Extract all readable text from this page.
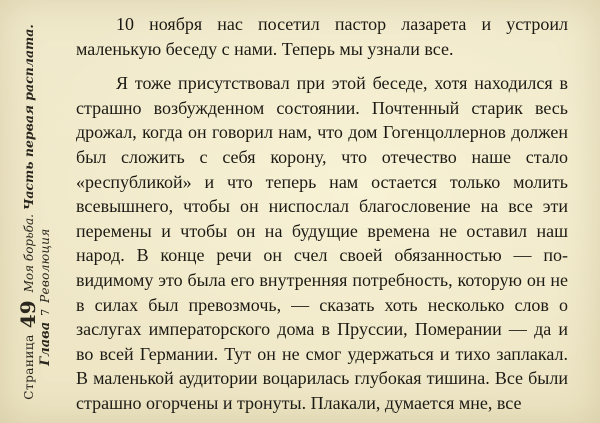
Страница 49 Моя борьба. Часть первая расплата.
Глава 7 Революция

10 ноября нас посетил пастор лазарета и устроил маленькую беседу с нами. Теперь мы узнали все.

Я тоже присутствовал при этой беседе, хотя находился в страшно возбужденном состоянии. Почтенный старик весь дрожал, когда он говорил нам, что дом Гогенцоллернов должен был сложить с себя корону, что отечество наше стало «республикой» и что теперь нам остается только молить всевышнего, чтобы он ниспослал благословение на все эти перемены и чтобы он на будущие времена не оставил наш народ. В конце речи он счел своей обязанностью — по-видимому это была его внутренняя потребность, которую он не в силах был превозмочь, — сказать хоть несколько слов о заслугах императорского дома в Пруссии, Померании — да и во всей Германии. Тут он не смог удержаться и тихо заплакал. В маленькой аудитории воцарилась глубокая тишина. Все были страшно огорчены и тронуты. Плакали, думается мне, все
